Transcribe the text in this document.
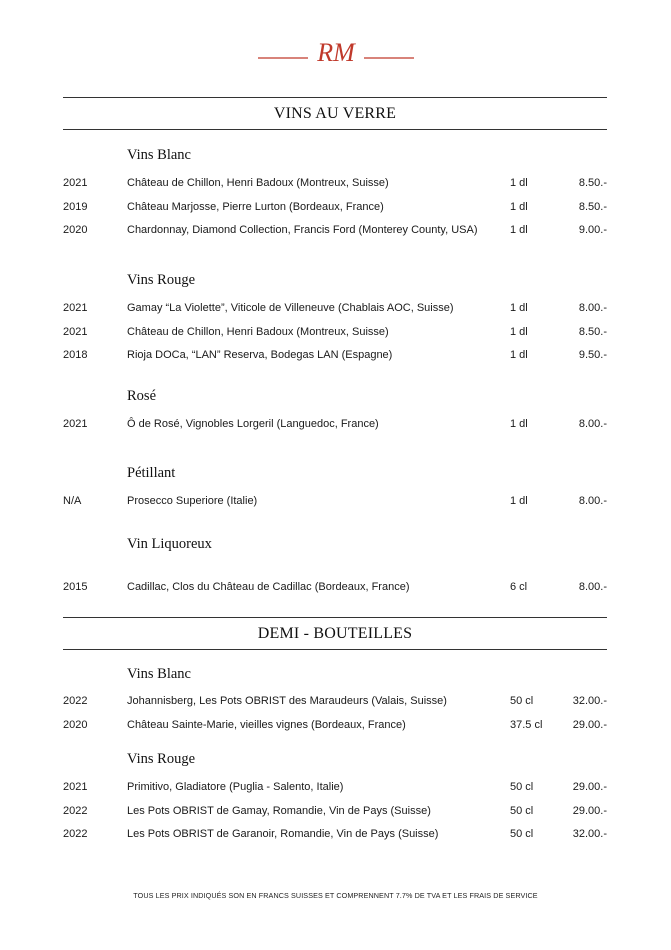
RM
VINS AU VERRE
Vins Blanc
2021	Château de Chillon, Henri Badoux (Montreux, Suisse)	1 dl	8.50.-
2019	Château Marjosse, Pierre Lurton (Bordeaux, France)	1 dl	8.50.-
2020	Chardonnay, Diamond Collection, Francis Ford (Monterey County, USA)	1 dl	9.00.-
Vins Rouge
2021	Gamay “La Violette”, Viticole de Villeneuve (Chablais AOC, Suisse)	1 dl	8.00.-
2021	Château de Chillon, Henri Badoux (Montreux, Suisse)	1 dl	8.50.-
2018	Rioja DOCa, “LAN” Reserva, Bodegas LAN (Espagne)	1 dl	9.50.-
Rosé
2021	Ô de Rosé, Vignobles Lorgeril (Languedoc, France)	1 dl	8.00.-
Pétillant
N/A	Prosecco Superiore (Italie)	1 dl	8.00.-
Vin Liquoreux
2015	Cadillac, Clos du Château de Cadillac (Bordeaux, France)	6 cl	8.00.-
DEMI - BOUTEILLES
Vins Blanc
2022	Johannisberg, Les Pots OBRIST des Maraudeurs (Valais, Suisse)	50 cl	32.00.-
2020	Château Sainte-Marie, vieilles vignes (Bordeaux, France)	37.5 cl	29.00.-
Vins Rouge
2021	Primitivo, Gladiatore (Puglia - Salento, Italie)	50 cl	29.00.-
2022	Les Pots OBRIST de Gamay, Romandie, Vin de Pays (Suisse)	50 cl	29.00.-
2022	Les Pots OBRIST de Garanoir, Romandie, Vin de Pays (Suisse)	50 cl	32.00.-
TOUS LES PRIX INDIQUÉS SON EN FRANCS SUISSES ET COMPRENNENT 7.7% DE TVA ET LES FRAIS DE SERVICE
